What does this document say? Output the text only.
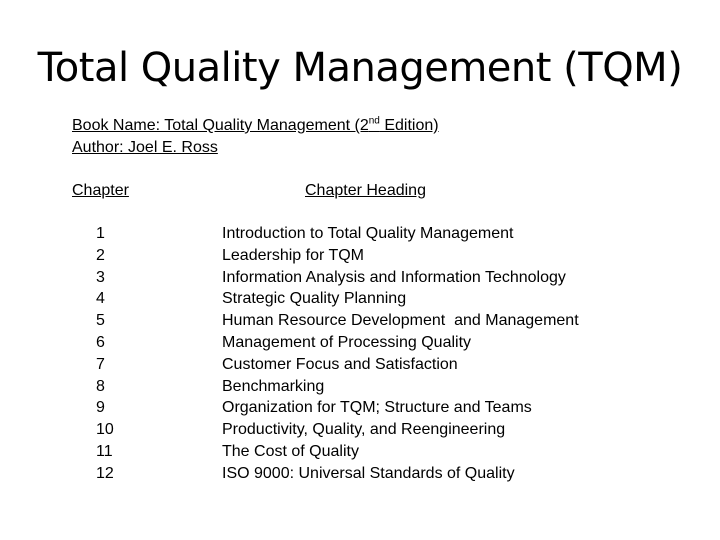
Total Quality Management (TQM)
Book Name: Total Quality Management (2nd Edition)
Author: Joel E. Ross
Chapter	Chapter Heading
1	Introduction to Total Quality Management
2	Leadership for TQM
3	Information Analysis and Information Technology
4	Strategic Quality Planning
5	Human Resource Development  and Management
6	Management of Processing Quality
7	Customer Focus and Satisfaction
8	Benchmarking
9	Organization for TQM; Structure and Teams
10	Productivity, Quality, and Reengineering
11	The Cost of Quality
12	ISO 9000: Universal Standards of Quality
